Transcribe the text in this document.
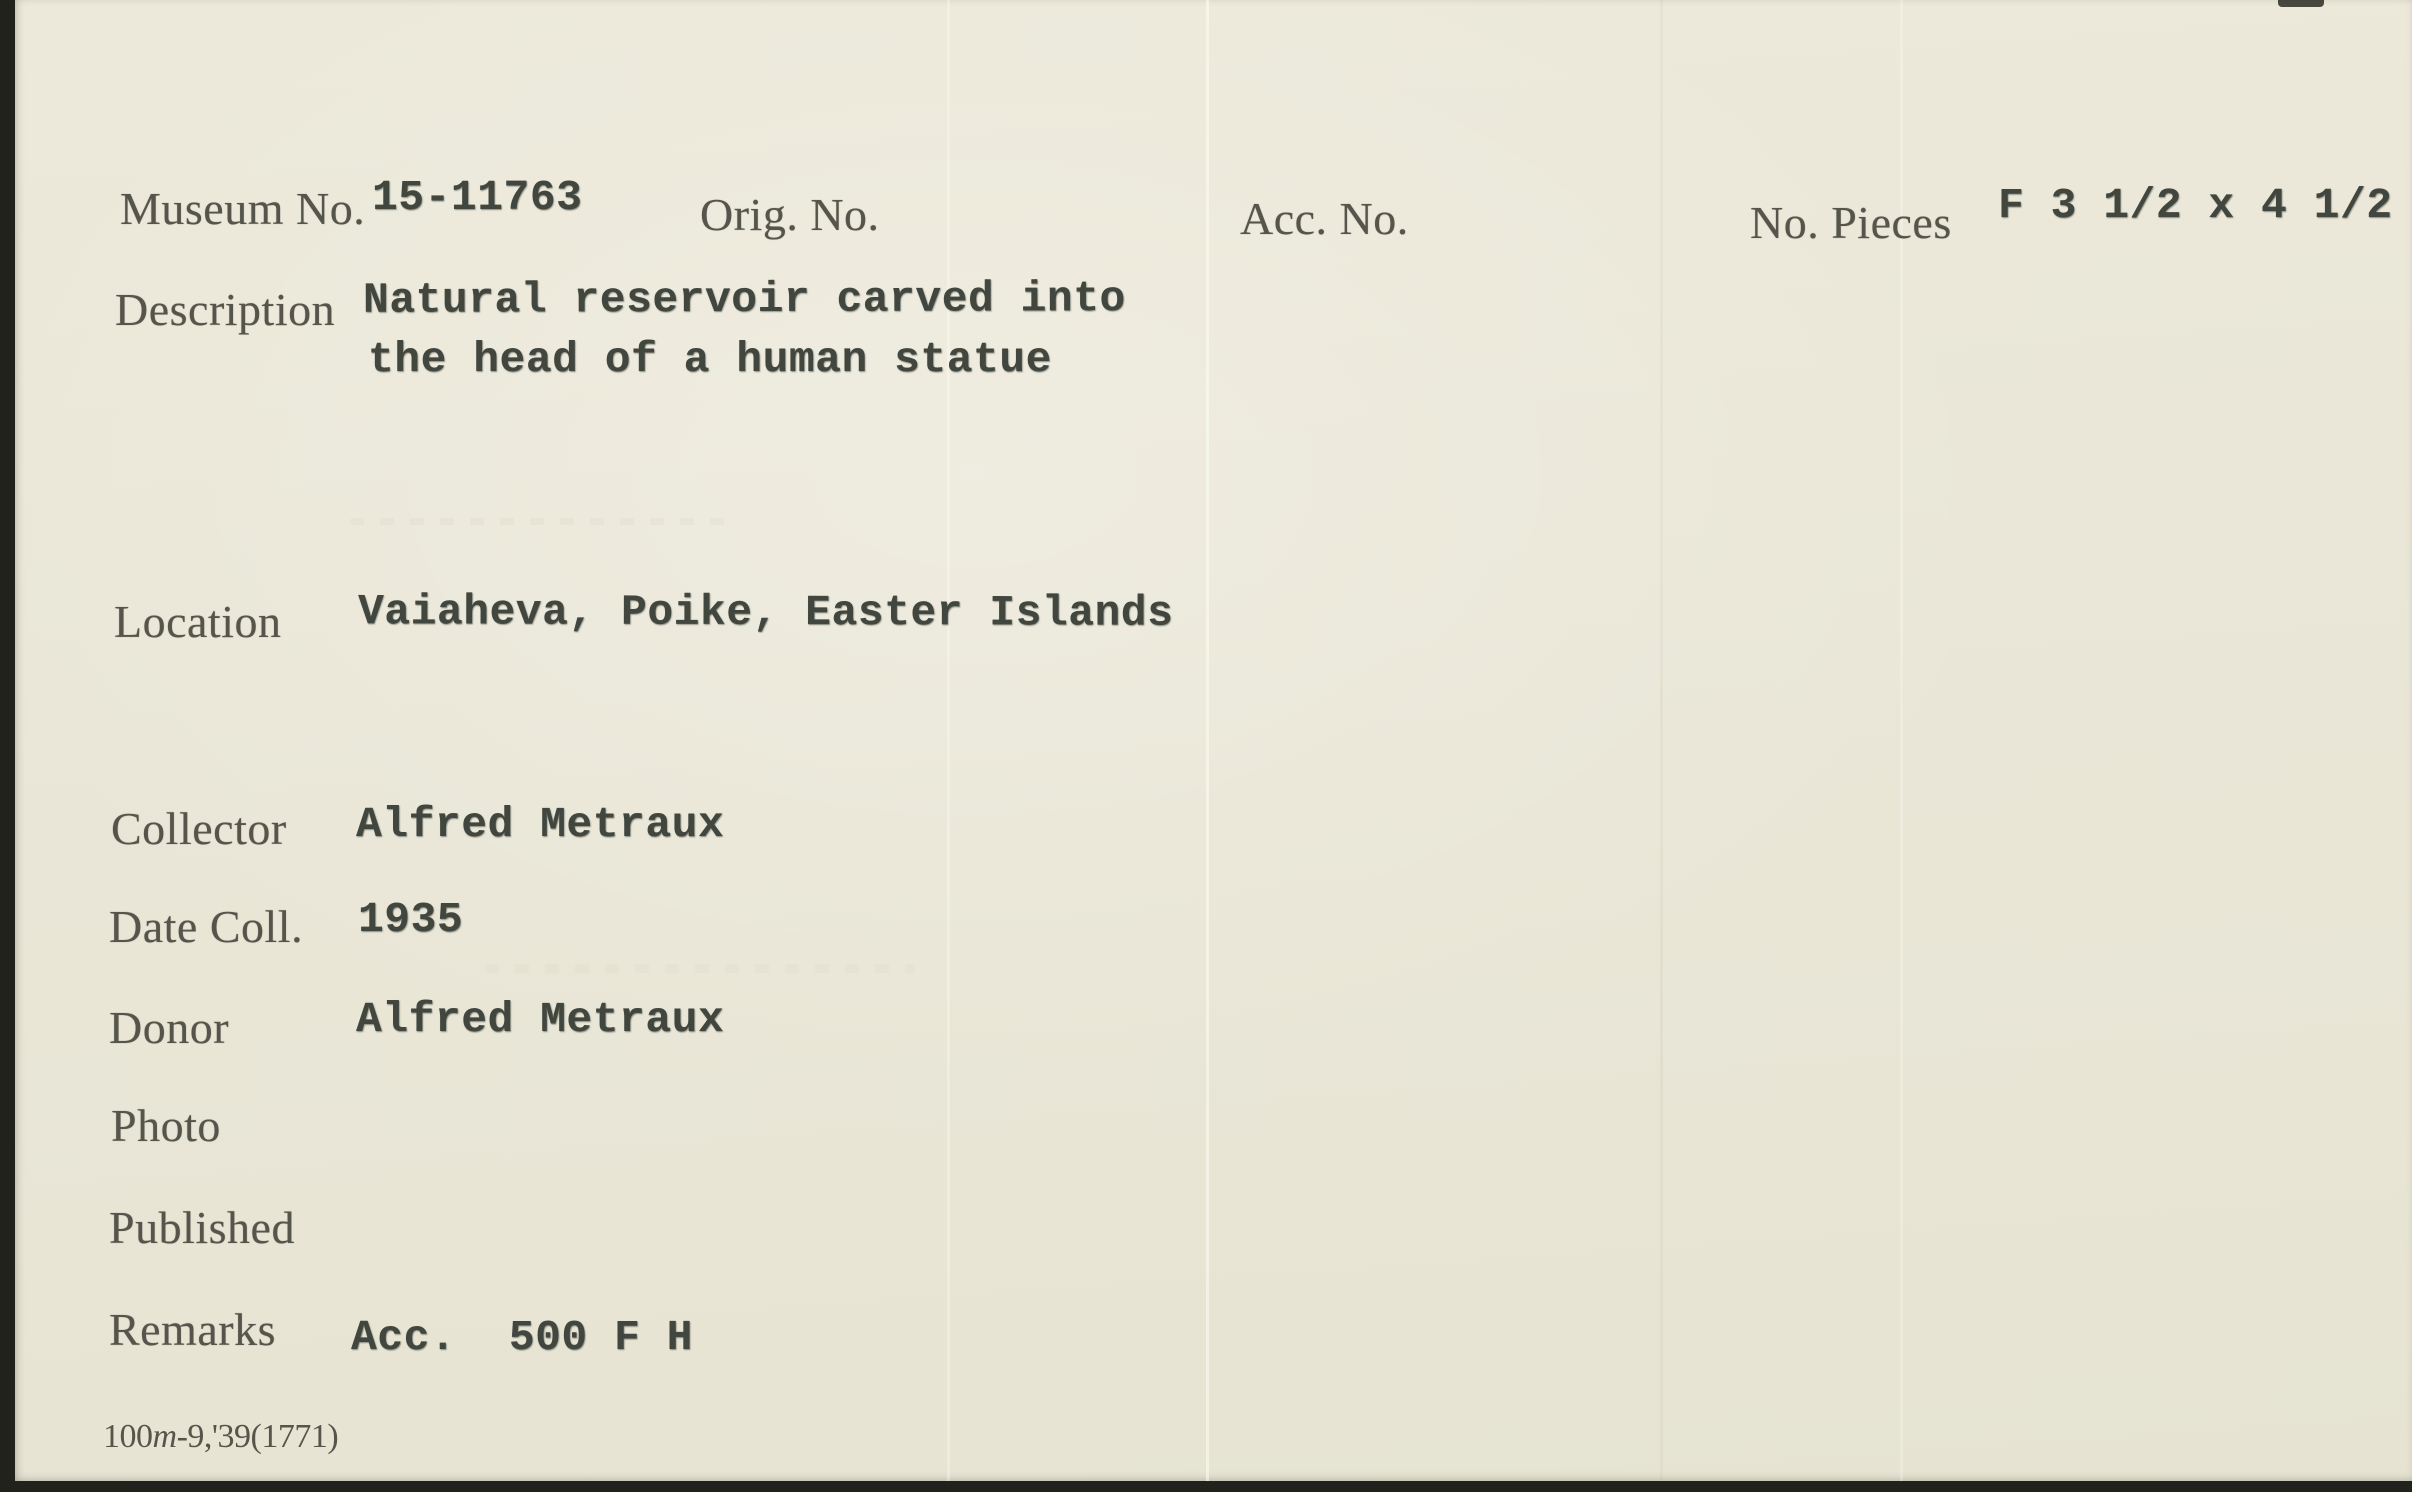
Museum No. 15-11763	Orig. No.	Acc. No.	No. Pieces F 3 1/2 x 4 1/2
Description Natural reservoir carved into
the head of a human statue
Location Vaiaheva, Poike, Easter Islands
Collector Alfred Metraux
Date Coll. 1935
Donor	Alfred Metraux
Photo
Published
Remarks Acc.  500 F H
100m-9,'39(1771)
